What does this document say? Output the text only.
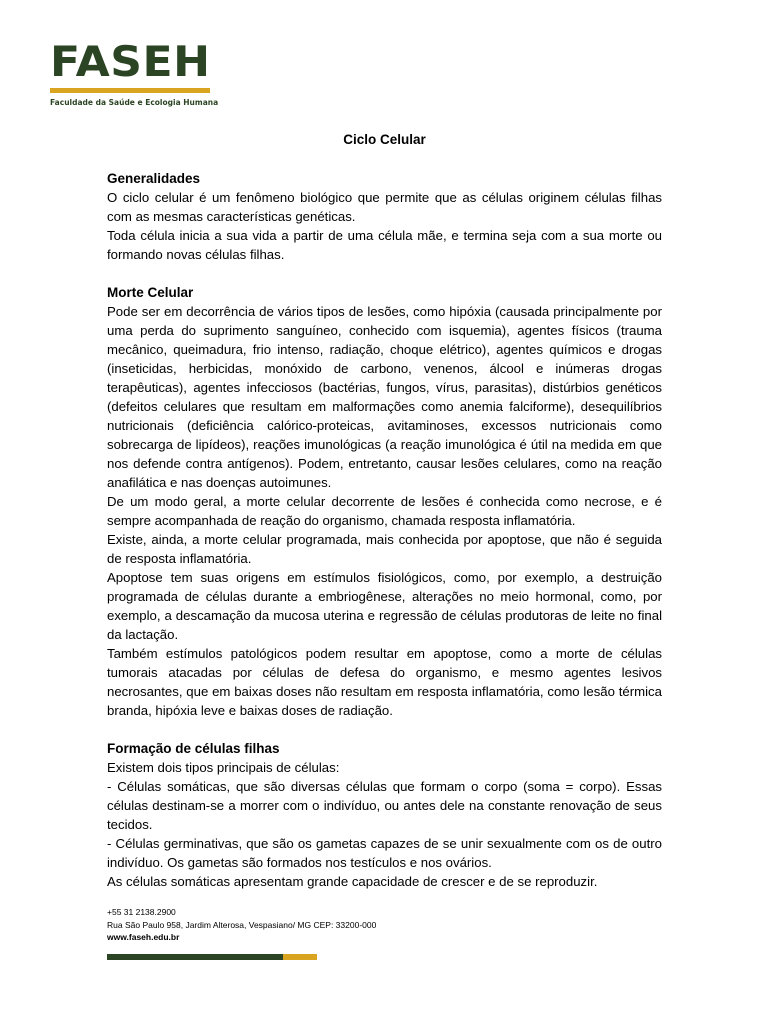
FASEH
Faculdade da Saúde e Ecologia Humana
Ciclo Celular

Generalidades

O ciclo celular é um fenômeno biológico que permite que as células originem células filhas com as mesmas características genéticas.

Toda célula inicia a sua vida a partir de uma célula mãe, e termina seja com a sua morte ou formando novas células filhas.

Morte Celular

Pode ser em decorrência de vários tipos de lesões, como hipóxia (causada principalmente por uma perda do suprimento sanguíneo, conhecido com isquemia), agentes físicos (trauma mecânico, queimadura, frio intenso, radiação, choque elétrico), agentes químicos e drogas (inseticidas, herbicidas, monóxido de carbono, venenos, álcool e inúmeras drogas terapêuticas), agentes infecciosos (bactérias, fungos, vírus, parasitas), distúrbios genéticos (defeitos celulares que resultam em malformações como anemia falciforme), desequilíbrios nutricionais (deficiência calórico-proteicas, avitaminoses, excessos nutricionais como sobrecarga de lipídeos), reações imunológicas (a reação imunológica é útil na medida em que nos defende contra antígenos). Podem, entretanto, causar lesões celulares, como na reação anafilática e nas doenças autoimunes.

De um modo geral, a morte celular decorrente de lesões é conhecida como necrose, e é sempre acompanhada de reação do organismo, chamada resposta inflamatória.

Existe, ainda, a morte celular programada, mais conhecida por apoptose, que não é seguida de resposta inflamatória.

Apoptose tem suas origens em estímulos fisiológicos, como, por exemplo, a destruição programada de células durante a embriogênese, alterações no meio hormonal, como, por exemplo, a descamação da mucosa uterina e regressão de células produtoras de leite no final da lactação.

Também estímulos patológicos podem resultar em apoptose, como a morte de células tumorais atacadas por células de defesa do organismo, e mesmo agentes lesivos necrosantes, que em baixas doses não resultam em resposta inflamatória, como lesão térmica branda, hipóxia leve e baixas doses de radiação.

Formação de células filhas

Existem dois tipos principais de células:

- Células somáticas, que são diversas células que formam o corpo (soma = corpo). Essas células destinam-se a morrer com o indivíduo, ou antes dele na constante renovação de seus tecidos.

- Células germinativas, que são os gametas capazes de se unir sexualmente com os de outro indivíduo. Os gametas são formados nos testículos e nos ovários.

As células somáticas apresentam grande capacidade de crescer e de se reproduzir.

+55 31 2138.2900
Rua São Paulo 958, Jardim Alterosa, Vespasiano/ MG CEP: 33200-000
www.faseh.edu.br
